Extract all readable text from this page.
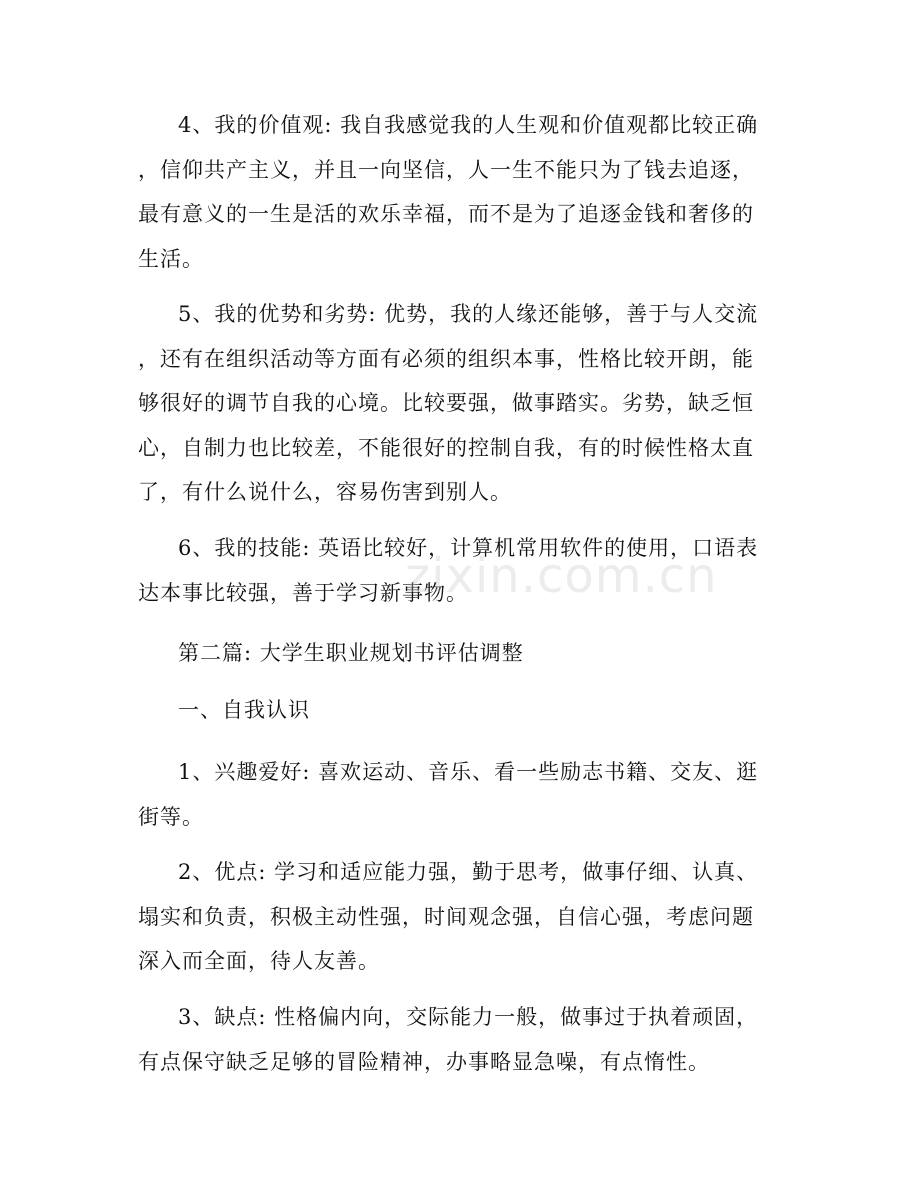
4、我的价值观: 我自我感觉我的人生观和价值观都比较正确
，信仰共产主义，并且一向坚信，人一生不能只为了钱去追逐，
最有意义的一生是活的欢乐幸福，而不是为了追逐金钱和奢侈的
生活。
5、我的优势和劣势: 优势，我的人缘还能够，善于与人交流
，还有在组织活动等方面有必须的组织本事，性格比较开朗，能
够很好的调节自我的心境。比较要强，做事踏实。劣势，缺乏恒
心，自制力也比较差，不能很好的控制自我，有的时候性格太直
了，有什么说什么，容易伤害到别人。
6、我的技能: 英语比较好，计算机常用软件的使用，口语表
达本事比较强，善于学习新事物。
第二篇: 大学生职业规划书评估调整
一、自我认识
1、兴趣爱好: 喜欢运动、音乐、看一些励志书籍、交友、逛
街等。
2、优点: 学习和适应能力强，勤于思考，做事仔细、认真、
塌实和负责，积极主动性强，时间观念强，自信心强，考虑问题
深入而全面，待人友善。
3、缺点: 性格偏内向，交际能力一般，做事过于执着顽固，
有点保守缺乏足够的冒险精神，办事略显急噪，有点惰性。
zixin.com.cn
